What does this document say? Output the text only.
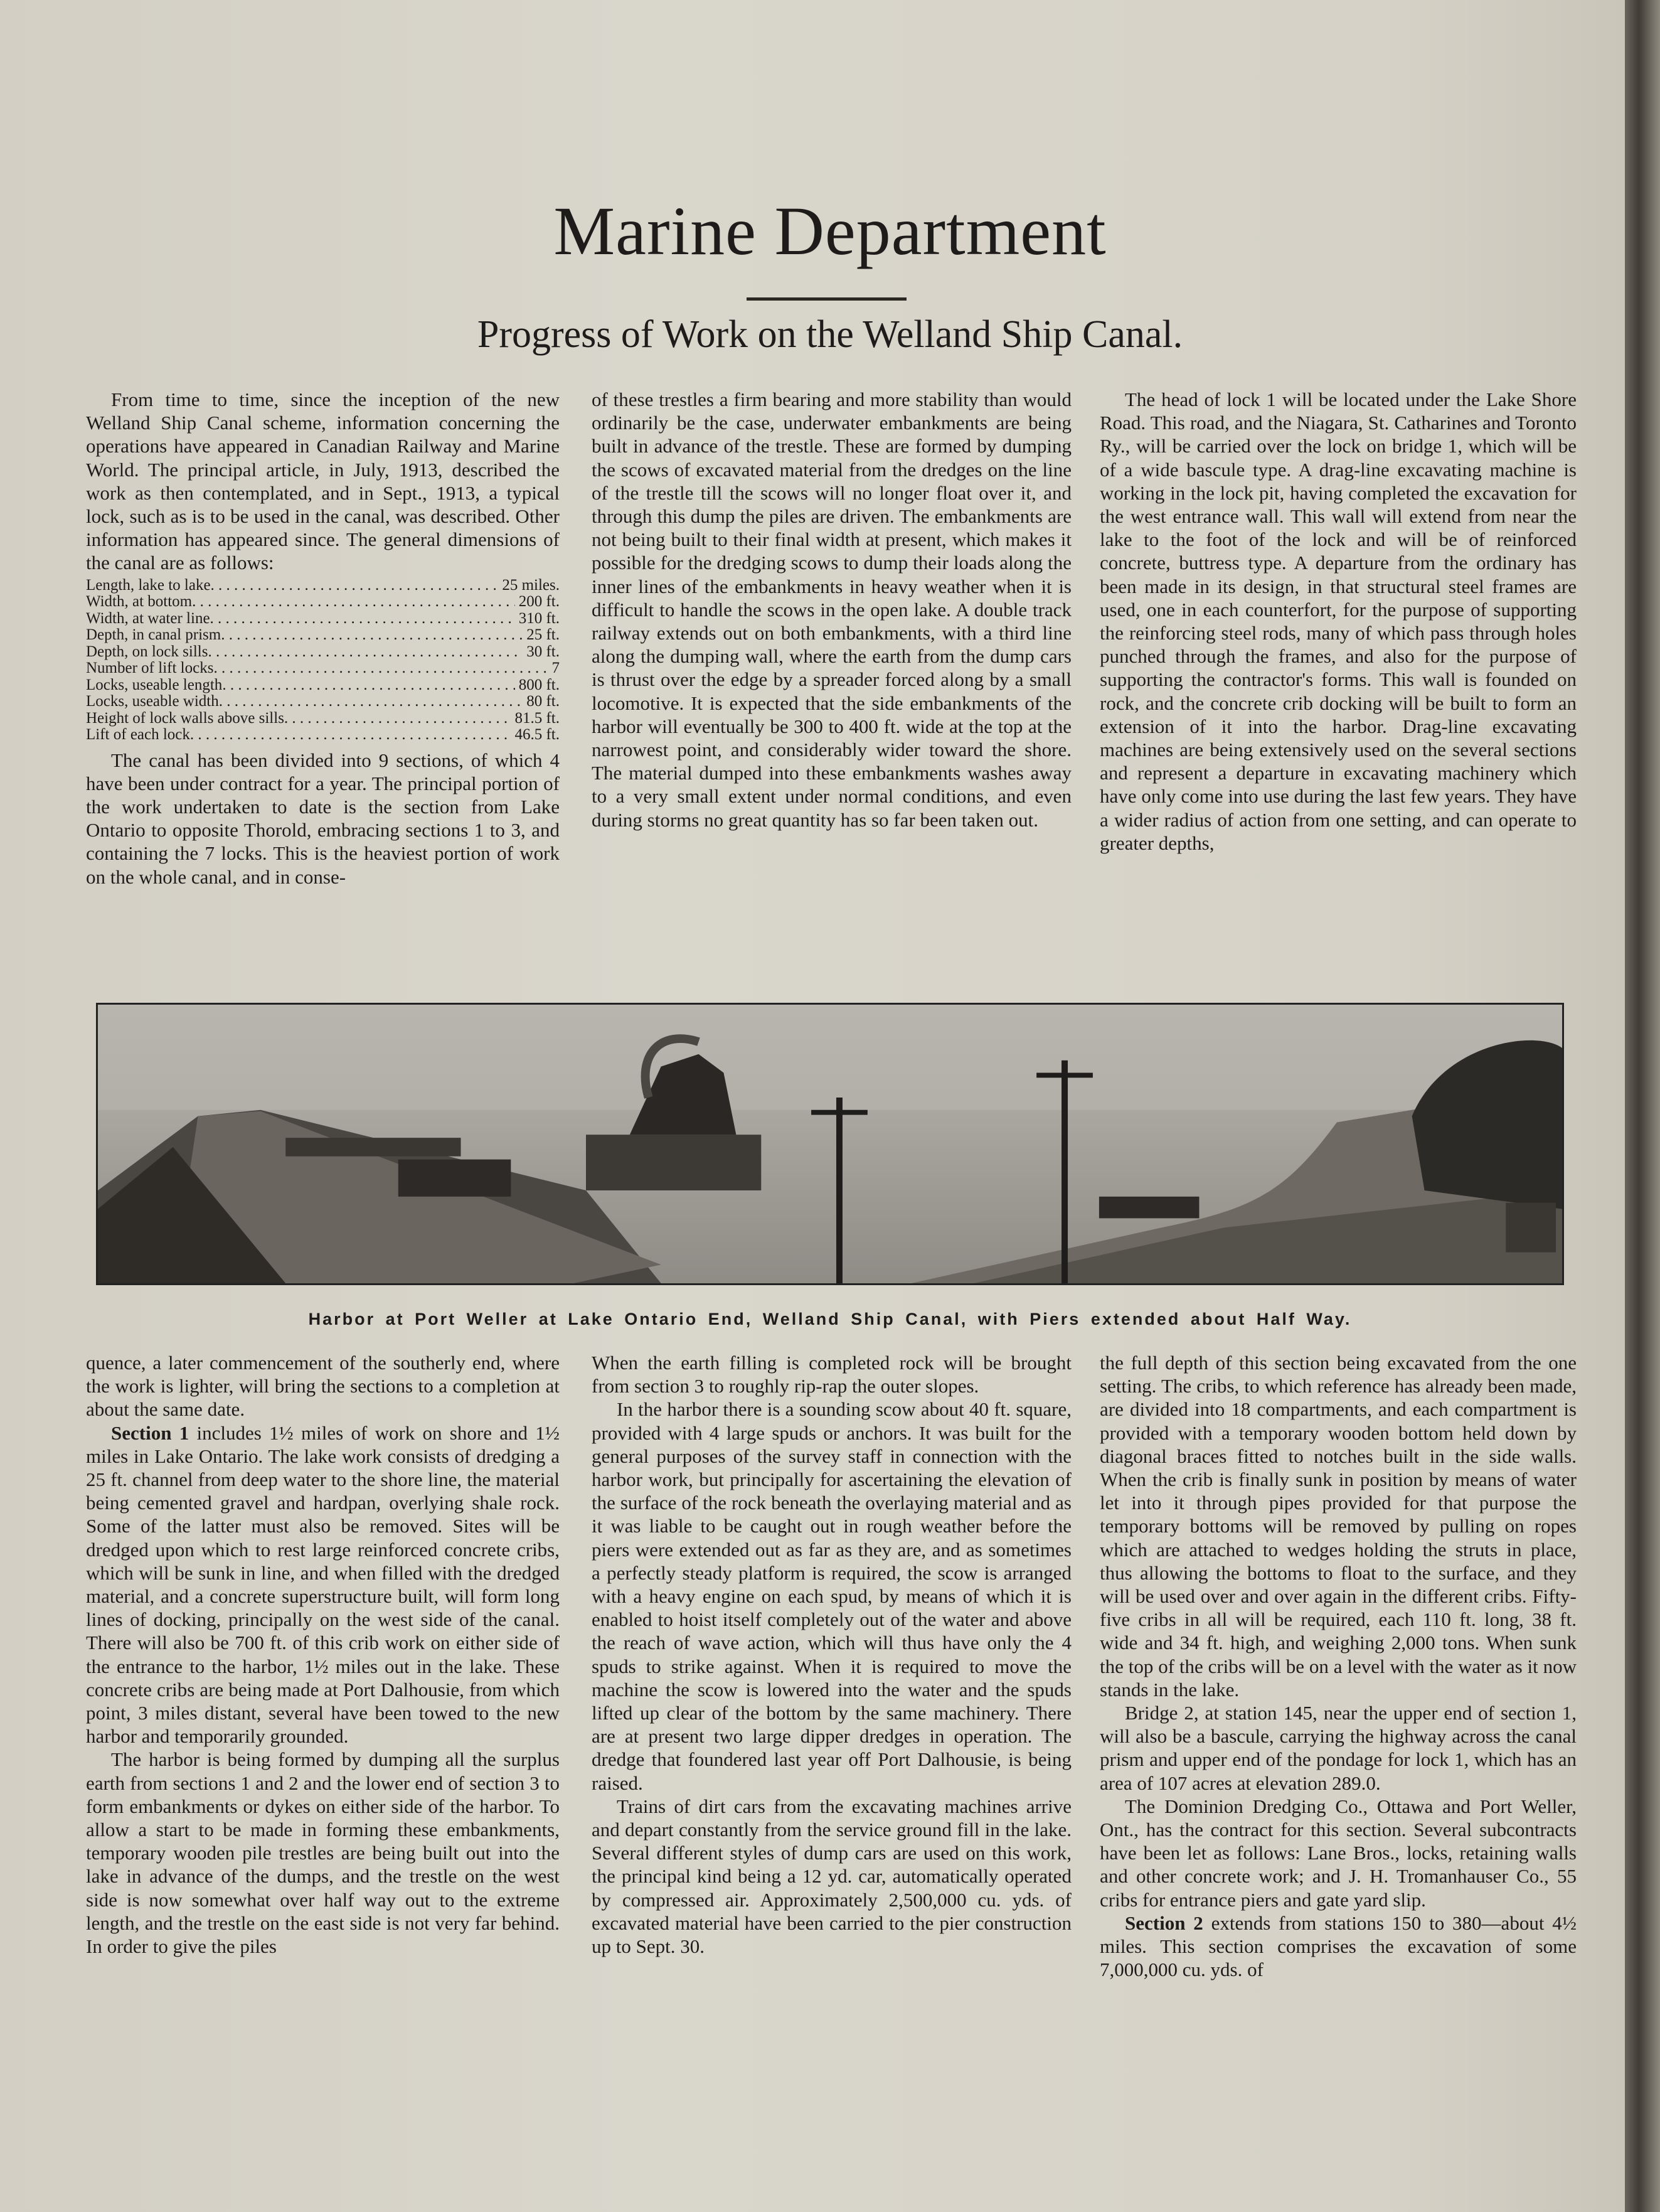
Marine Department
Progress of Work on the Welland Ship Canal.

From time to time, since the inception of the new Welland Ship Canal scheme, information concerning the operations have appeared in Canadian Railway and Marine World. The principal article, in July, 1913, described the work as then contemplated, and in Sept., 1913, a typical lock, such as is to be used in the canal, was described. Other information has appeared since. The general dimensions of the canal are as follows:

Length, lake to lake . . .	25 miles.
Width, at bottom . . .	200 ft.
Width, at water line . . .	310 ft.
Depth, in canal prism . . .	25 ft.
Depth, on lock sills . . .	30 ft.
Number of lift locks . . .	7
Locks, useable length . . .	800 ft.
Locks, useable width . . .	80 ft.
Height of lock walls above sills . . .	81.5 ft.
Lift of each lock . . .	46.5 ft.

The canal has been divided into 9 sections, of which 4 have been under contract for a year. The principal portion of the work undertaken to date is the section from Lake Ontario to opposite Thorold, embracing sections 1 to 3, and containing the 7 locks. This is the heaviest portion of work on the whole canal, and in conse-

of these trestles a firm bearing and more stability than would ordinarily be the case, underwater embankments are being built in advance of the trestle. These are formed by dumping the scows of excavated material from the dredges on the line of the trestle till the scows will no longer float over it, and through this dump the piles are driven. The embankments are not being built to their final width at present, which makes it possible for the dredging scows to dump their loads along the inner lines of the embankments in heavy weather when it is difficult to handle the scows in the open lake. A double track railway extends out on both embankments, with a third line along the dumping wall, where the earth from the dump cars is thrust over the edge by a spreader forced along by a small locomotive. It is expected that the side embankments of the harbor will eventually be 300 to 400 ft. wide at the top at the narrowest point, and considerably wider toward the shore. The material dumped into these embankments washes away to a very small extent under normal conditions, and even during storms no great quantity has so far been taken out.

The head of lock 1 will be located under the Lake Shore Road. This road, and the Niagara, St. Catharines and Toronto Ry., will be carried over the lock on bridge 1, which will be of a wide bascule type. A drag-line excavating machine is working in the lock pit, having completed the excavation for the west entrance wall. This wall will extend from near the lake to the foot of the lock and will be of reinforced concrete, buttress type. A departure from the ordinary has been made in its design, in that structural steel frames are used, one in each counterfort, for the purpose of supporting the reinforcing steel rods, many of which pass through holes punched through the frames, and also for the purpose of supporting the contractor's forms. This wall is founded on rock, and the concrete crib docking will be built to form an extension of it into the harbor. Drag-line excavating machines are being extensively used on the several sections and represent a departure in excavating machinery which have only come into use during the last few years. They have a wider radius of action from one setting, and can operate to greater depths,

Harbor at Port Weller at Lake Ontario End, Welland Ship Canal, with Piers extended about Half Way.

quence, a later commencement of the southerly end, where the work is lighter, will bring the sections to a completion at about the same date.

Section 1 includes 1½ miles of work on shore and 1½ miles in Lake Ontario. The lake work consists of dredging a 25 ft. channel from deep water to the shore line, the material being cemented gravel and hardpan, overlying shale rock. Some of the latter must also be removed. Sites will be dredged upon which to rest large reinforced concrete cribs, which will be sunk in line, and when filled with the dredged material, and a concrete superstructure built, will form long lines of docking, principally on the west side of the canal. There will also be 700 ft. of this crib work on either side of the entrance to the harbor, 1½ miles out in the lake. These concrete cribs are being made at Port Dalhousie, from which point, 3 miles distant, several have been towed to the new harbor and temporarily grounded.

The harbor is being formed by dumping all the surplus earth from sections 1 and 2 and the lower end of section 3 to form embankments or dykes on either side of the harbor. To allow a start to be made in forming these embankments, temporary wooden pile trestles are being built out into the lake in advance of the dumps, and the trestle on the west side is now somewhat over half way out to the extreme length, and the trestle on the east side is not very far behind. In order to give the piles

When the earth filling is completed rock will be brought from section 3 to roughly rip-rap the outer slopes.

In the harbor there is a sounding scow about 40 ft. square, provided with 4 large spuds or anchors. It was built for the general purposes of the survey staff in connection with the harbor work, but principally for ascertaining the elevation of the surface of the rock beneath the overlaying material and as it was liable to be caught out in rough weather before the piers were extended out as far as they are, and as sometimes a perfectly steady platform is required, the scow is arranged with a heavy engine on each spud, by means of which it is enabled to hoist itself completely out of the water and above the reach of wave action, which will thus have only the 4 spuds to strike against. When it is required to move the machine the scow is lowered into the water and the spuds lifted up clear of the bottom by the same machinery. There are at present two large dipper dredges in operation. The dredge that foundered last year off Port Dalhousie, is being raised.

Trains of dirt cars from the excavating machines arrive and depart constantly from the service ground fill in the lake. Several different styles of dump cars are used on this work, the principal kind being a 12 yd. car, automatically operated by compressed air. Approximately 2,500,000 cu. yds. of excavated material have been carried to the pier construction up to Sept. 30.

the full depth of this section being excavated from the one setting. The cribs, to which reference has already been made, are divided into 18 compartments, and each compartment is provided with a temporary wooden bottom held down by diagonal braces fitted to notches built in the side walls. When the crib is finally sunk in position by means of water let into it through pipes provided for that purpose the temporary bottoms will be removed by pulling on ropes which are attached to wedges holding the struts in place, thus allowing the bottoms to float to the surface, and they will be used over and over again in the different cribs. Fifty-five cribs in all will be required, each 110 ft. long, 38 ft. wide and 34 ft. high, and weighing 2,000 tons. When sunk the top of the cribs will be on a level with the water as it now stands in the lake.

Bridge 2, at station 145, near the upper end of section 1, will also be a bascule, carrying the highway across the canal prism and upper end of the pondage for lock 1, which has an area of 107 acres at elevation 289.0.

The Dominion Dredging Co., Ottawa and Port Weller, Ont., has the contract for this section. Several subcontracts have been let as follows: Lane Bros., locks, retaining walls and other concrete work; and J. H. Tromanhauser Co., 55 cribs for entrance piers and gate yard slip.

Section 2 extends from stations 150 to 380—about 4½ miles. This section comprises the excavation of some 7,000,000 cu. yds. of
